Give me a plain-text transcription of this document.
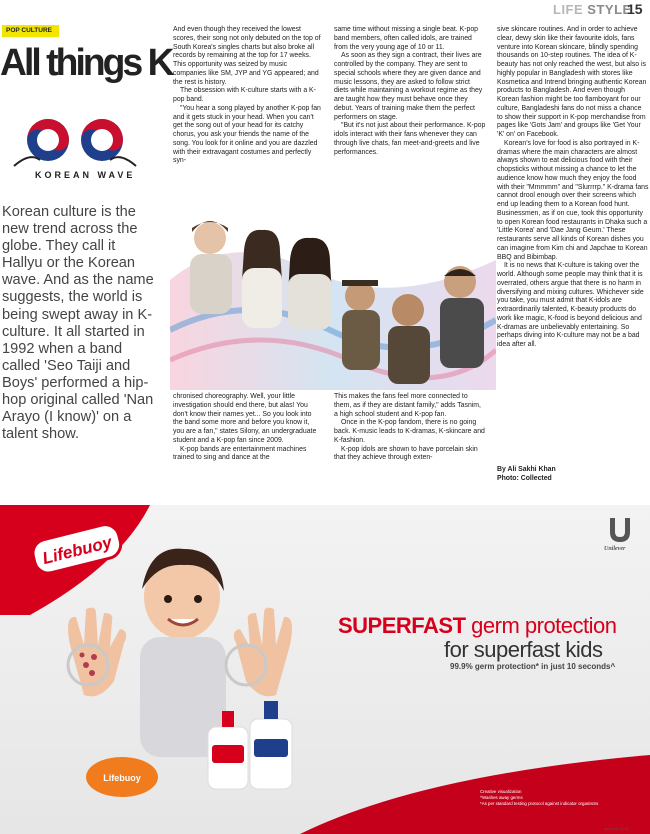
LIFE STYLE
15
POP CULTURE
All things K
KOREAN WAVE
Korean culture is the new trend across the globe. They call it Hallyu or the Korean wave. And as the name suggests, the world is being swept away in K-culture. It all started in 1992 when a band called 'Seo Taiji and Boys' performed a hip-hop original called 'Nan Arayo (I know)' on a talent show.

And even though they received the lowest scores, their song not only debuted on the top of South Korea's singles charts but also broke all records by remaining at the top for 17 weeks. This opportunity was seized by music companies like SM, JYP and YG appeared; and the rest is history.

The obsession with K-culture starts with a K-pop band.

"You hear a song played by another K-pop fan and it gets stuck in your head. When you can't get the song out of your head for its catchy chorus, you ask your friends the name of the song. You look for it online and you are dazzled with their extravagant costumes and perfectly syn-

same time without missing a single beat. K-pop band members, often called idols, are trained from the very young age of 10 or 11.

As soon as they sign a contract, their lives are controlled by the company. They are sent to special schools where they are given dance and music lessons, they are asked to follow strict diets while maintaining a workout regime as they are taught how they must behave once they debut. Years of training make them the perfect performers on stage.

"But it's not just about their performance. K-pop idols interact with their fans whenever they can through live chats, fan meet-and-greets and live performances.

sive skincare routines. And in order to achieve clear, dewy skin like their favourite idols, fans venture into Korean skincare, blindly spending thousands on 10-step routines. The idea of K-beauty has not only reached the west, but also is highly popular in Bangladesh with stores like Kosmetica and Intrend bringing authentic Korean products to Bangladesh. And even though Korean fashion might be too flamboyant for our culture, Bangladeshi fans do not miss a chance to show their support in K-pop merchandise from pages like 'Gots Jam' and groups like 'Get Your 'K' on' on Facebook.

Korean's love for food is also portrayed in K-dramas where the main characters are almost always shown to eat delicious food with their chopsticks without missing a chance to let the audience know how much they enjoy the food with their "Mmmmm" and "Slurrrrp." K-drama fans cannot drool enough over their screens which end up leading them to a Korean food hunt. Businessmen, as if on cue, took this opportunity to open Korean food restaurants in Dhaka such a 'Little Korea' and 'Dae Jang Geum.' These restaurants serve all kinds of Korean dishes you can imagine from Kim chi and Japchae to Korean BBQ and Bibimbap.

It is no news that K-culture is taking over the world. Although some people may think that it is overrated, others argue that there is no harm in diversifying and mixing cultures. Whichever side you take, you must admit that K-idols are extraordinarily talented, K-beauty products do work like magic, K-food is beyond delicious and K-dramas are unbelievably entertaining. So perhaps diving into K-culture may not be a bad idea after all.

chronised choreography. Well, your little investigation should end there, but alas! You don't know their names yet... So you look into the band some more and before you know it, you are a fan," states Silony, an undergraduate student and a K-pop fan since 2009.

K-pop bands are entertainment machines trained to sing and dance at the

This makes the fans feel more connected to them, as if they are distant family," adds Tasnim, a high school student and K-pop fan.

Once in the K-pop fandom, there is no going back. K-music leads to K-dramas, K-skincare and K-fashion.

K-pop idols are shown to have porcelain skin that they achieve through exten-

By Ali Sakhi Khan
Photo: Collected
Lifebuoy
Lifebuoy
SUPERFAST germ protection
for superfast kids
99.9% germ protection* in just 10 seconds^
Creative visualization
^Washes away germs
*As per standard testing protocol against indicator organisms
Unilever
ad Daily 2018
